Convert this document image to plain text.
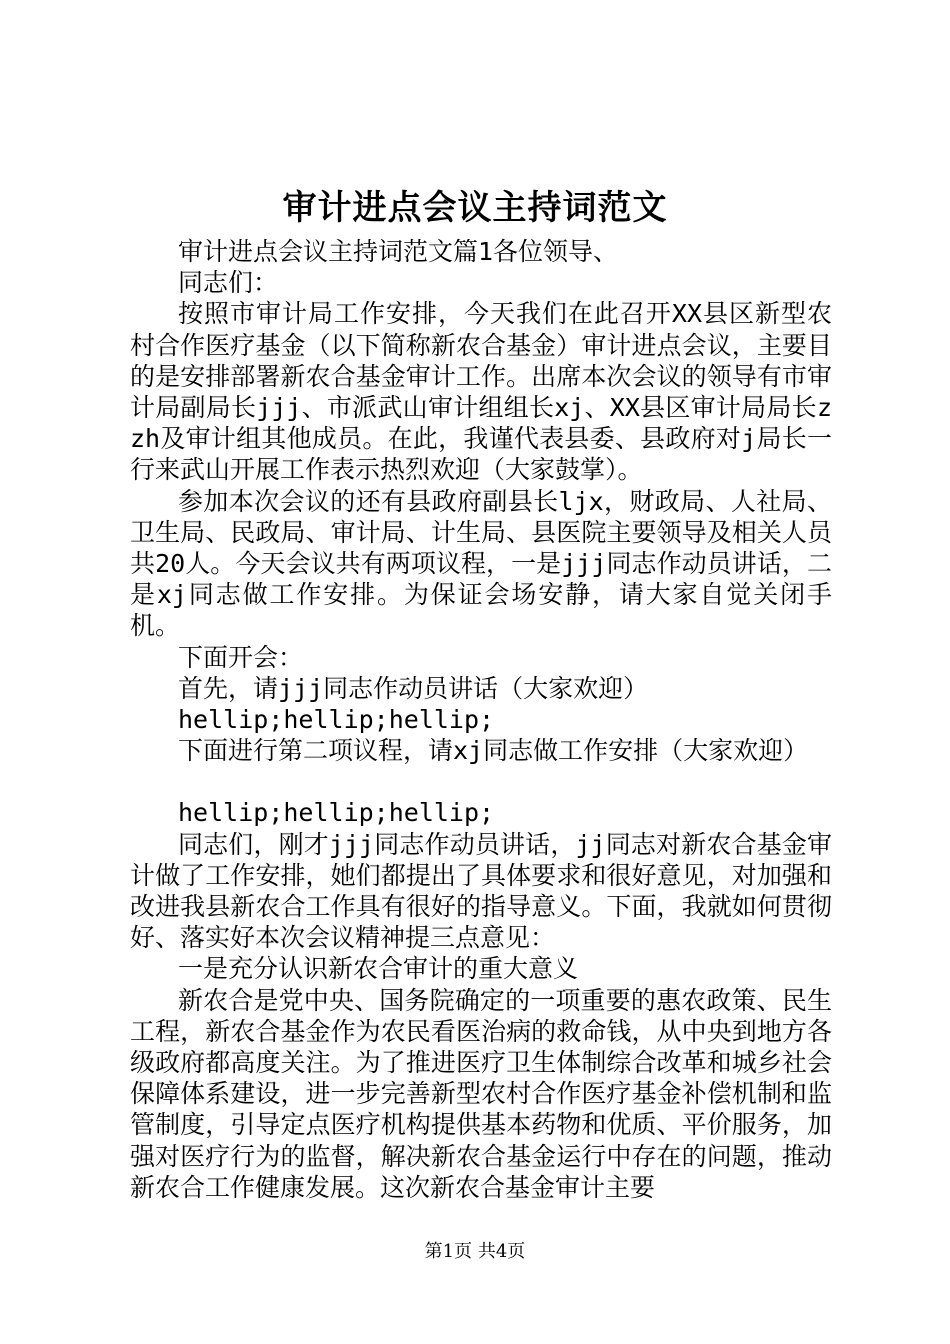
审计进点会议主持词范文

审计进点会议主持词范文篇1各位领导、

同志们：

按照市审计局工作安排，今天我们在此召开XX县区新型农村合作医疗基金（以下简称新农合基金）审计进点会议，主要目的是安排部署新农合基金审计工作。出席本次会议的领导有市审计局副局长jjj、市派武山审计组组长xj、XX县区审计局局长zzh及审计组其他成员。在此，我谨代表县委、县政府对j局长一行来武山开展工作表示热烈欢迎（大家鼓掌）。

参加本次会议的还有县政府副县长ljx，财政局、人社局、卫生局、民政局、审计局、计生局、县医院主要领导及相关人员共20人。今天会议共有两项议程，一是jjj同志作动员讲话，二是xj同志做工作安排。为保证会场安静，请大家自觉关闭手机。

下面开会：

首先，请jjj同志作动员讲话（大家欢迎）

hellip;hellip;hellip;

下面进行第二项议程，请xj同志做工作安排（大家欢迎）

hellip;hellip;hellip;

同志们，刚才jjj同志作动员讲话，jj同志对新农合基金审计做了工作安排，她们都提出了具体要求和很好意见，对加强和改进我县新农合工作具有很好的指导意义。下面，我就如何贯彻好、落实好本次会议精神提三点意见：

一是充分认识新农合审计的重大意义

新农合是党中央、国务院确定的一项重要的惠农政策、民生工程，新农合基金作为农民看医治病的救命钱，从中央到地方各级政府都高度关注。为了推进医疗卫生体制综合改革和城乡社会保障体系建设，进一步完善新型农村合作医疗基金补偿机制和监管制度，引导定点医疗机构提供基本药物和优质、平价服务，加强对医疗行为的监督，解决新农合基金运行中存在的问题，推动新农合工作健康发展。这次新农合基金审计主要

第1页 共4页
